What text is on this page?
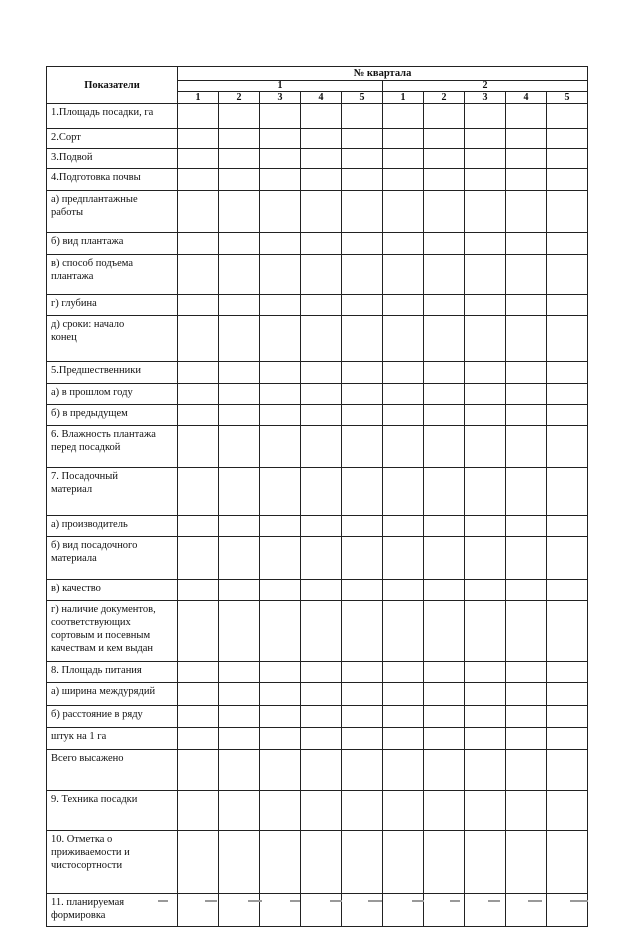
Показатели	№ квартала									
	1					2				
	1	2	3	4	5	1	2	3	4	5

1.Площадь посадки, га										

2.Сорт										

3.Подвой										

4.Подготовка почвы										

а) предплантажные
работы										

б) вид плантажа										

в) способ подъема
плантажа										

г) глубина										

д) сроки: начало
конец										

5.Предшественники										

а) в прошлом году										

б) в предыдущем										

6. Влажность плантажа
перед посадкой										

7. Посадочный
материал										

а) производитель										

б) вид посадочного
материала										

в) качество										

г) наличие документов,
соответствующих
сортовым и посевным
качествам и кем выдан										

8. Площадь питания										

а) ширина междурядий										

б) расстояние в ряду										

штук на 1 га										

Всего высажено										

9. Техника посадки										

10. Отметка о
приживаемости и
чистосортности										

11. планируемая
формировка										
